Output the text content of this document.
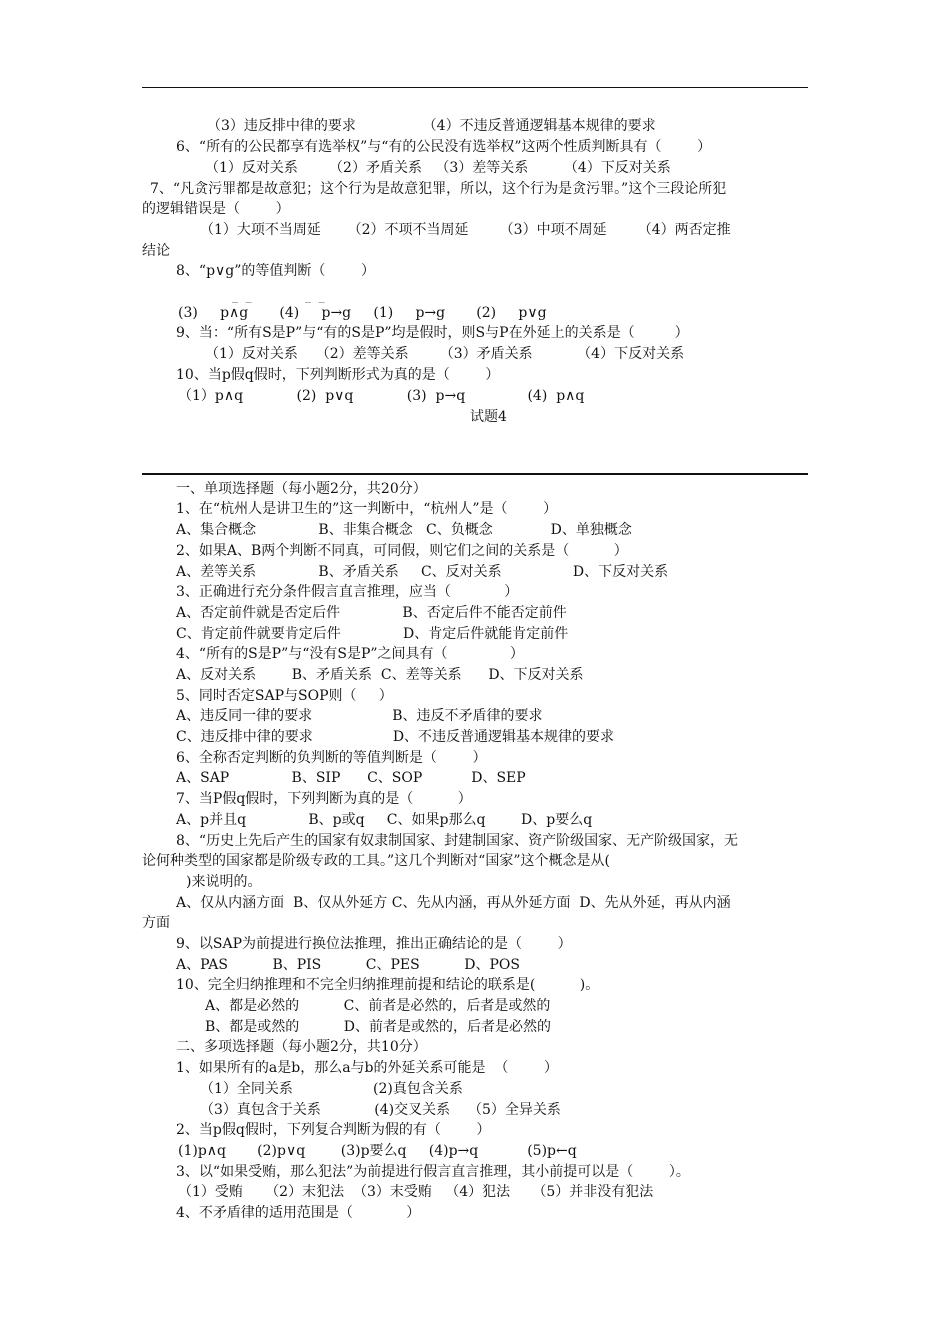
（3）违反排中律的要求               （4）不违反普通逻辑基本规律的要求
6、“所有的公民都享有选举权”与“有的公民没有选举权”这两个性质判断具有（        ）
（1）反对关系       （2）矛盾关系   （3）差等关系        （4）下反对关系
7、“凡贪污罪都是故意犯；这个行为是故意犯罪，所以，这个行为是贪污罪。”这个三段论所犯
的逻辑错误是（        ）
（1）大项不当周延      （2）不项不当周延       （3）中项不周延       （4）两否定推
结论
8、“p∨g”的等值判断（        ）
_  _              _  _
(3)     p∧g       (4)     p→g     (1)     p→g       (2)     p∨g
9、当：“所有S是P”与“有的S是P”均是假时，则S与P在外延上的关系是（         ）
（1）反对关系    （2）差等关系       （3）矛盾关系          （4）下反对关系
10、当p假q假时，下列判断形式为真的是（        ）
（1）p∧q            (2)  p∨q            (3)  p→q              (4)  p∧q
试题4
一、单项选择题（每小题2分，共20分）
1、在“杭州人是讲卫生的”这一判断中，“杭州人”是（        ）
A、集合概念              B、非集合概念   C、负概念             D、单独概念
2、如果A、B两个判断不同真，可同假，则它们之间的关系是（          ）
A、差等关系              B、矛盾关系     C、反对关系                D、下反对关系
3、正确进行充分条件假言直言推理，应当（            ）
A、否定前件就是否定后件              B、否定后件不能否定前件
C、肯定前件就要肯定后件              D、肯定后件就能肯定前件
4、“所有的S是P”与“没有S是P”之间具有（              ）
A、反对关系        B、矛盾关系  C、差等关系      D、下反对关系
5、同时否定SAP与SOP则（     ）
A、违反同一律的要求                  B、违反不矛盾律的要求
C、违反排中律的要求                  D、不违反普通逻辑基本规律的要求
6、全称否定判断的负判断的等值判断是（        ）
A、SAP              B、SIP      C、SOP           D、SEP
7、当P假q假时，下列判断为真的是（          ）
A、p并且q              B、p或q     C、如果p那么q        D、p要么q
8、“历史上先后产生的国家有奴隶制国家、封建制国家、资产阶级国家、无产阶级国家，无
论何种类型的国家都是阶级专政的工具。”这几个判断对“国家”这个概念是从(
)来说明的。
A、仅从内涵方面  B、仅从外延方 C、先从内涵，再从外延方面  D、先从外延，再从内涵
方面
9、以SAP为前提进行换位法推理，推出正确结论的是（        ）
A、PAS          B、PIS          C、PES          D、POS
10、完全归纳推理和不完全归纳推理前提和结论的联系是(          )。
A、都是必然的          C、前者是必然的，后者是或然的
B、都是或然的          D、前者是或然的，后者是必然的
二、多项选择题（每小题2分，共10分）
1、如果所有的a是b，那么a与b的外延关系可能是  （        ）
（1）全同关系                  (2)真包含关系
（3）真包含于关系            (4)交叉关系    （5）全异关系
2、当p假q假时，下列复合判断为假的有（        ）
(1)p∧q       (2)p∨q        (3)p要么q     (4)p→q           (5)p←q
3、以“如果受贿，那么犯法”为前提进行假言直言推理，其小前提可以是（        ）。
（1）受贿     （2）末犯法  （3）末受贿   （4）犯法     （5）并非没有犯法
4、不矛盾律的适用范围是（            ）
